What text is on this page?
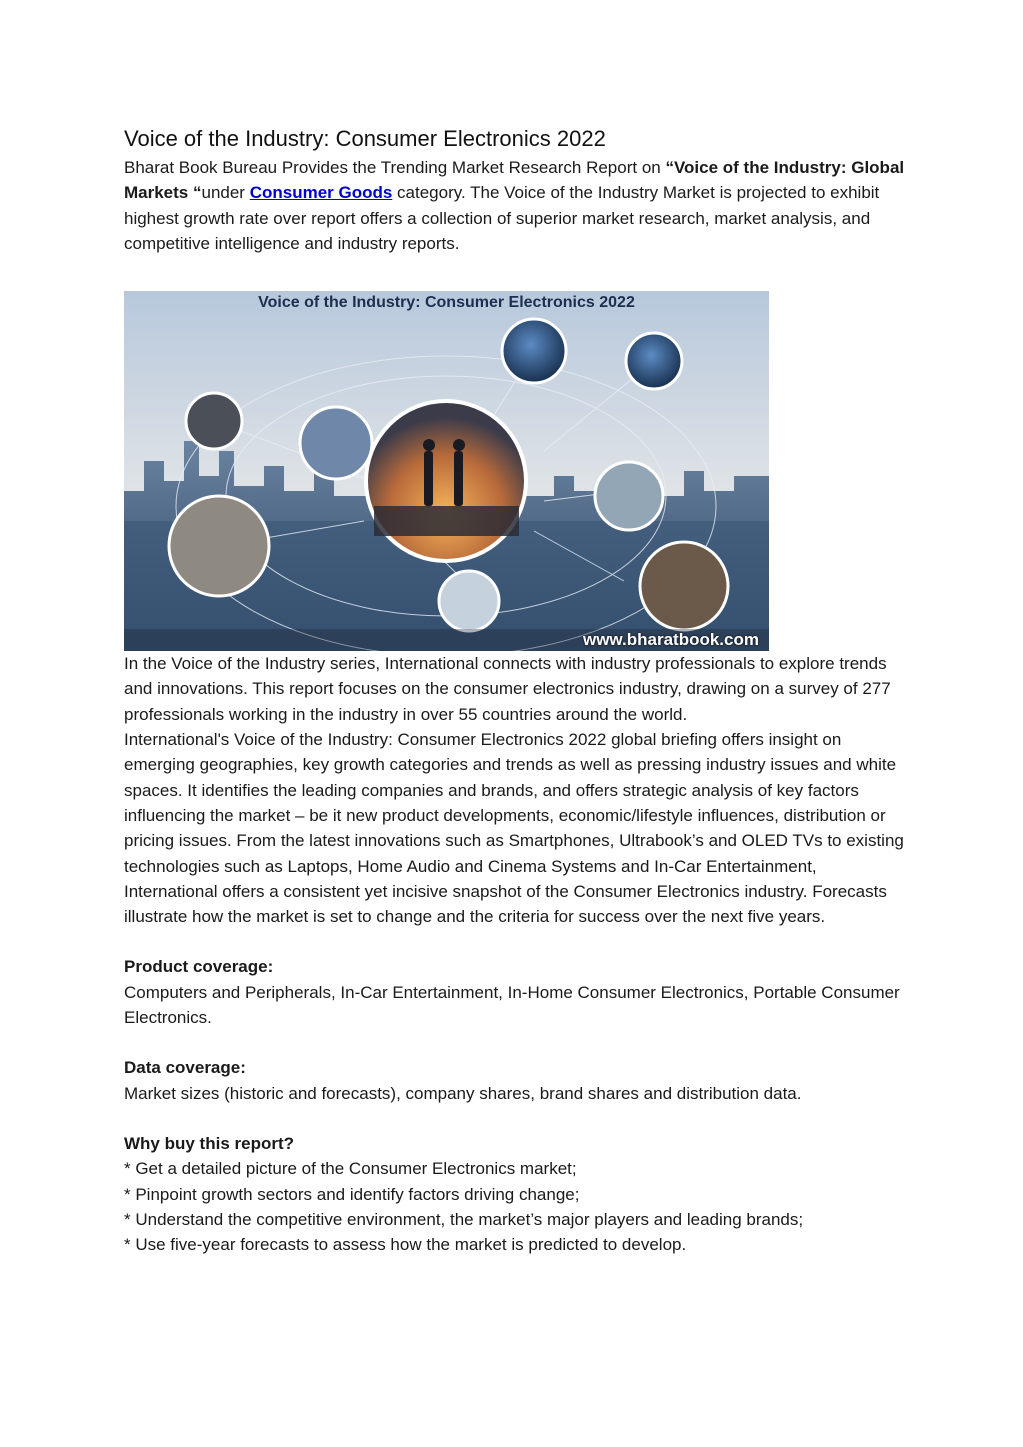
Voice of the Industry: Consumer Electronics 2022

Bharat Book Bureau Provides the Trending Market Research Report on “Voice of the Industry: Global Markets “under Consumer Goods category. The Voice of the Industry Market is projected to exhibit highest growth rate over report offers a collection of superior market research, market analysis, and competitive intelligence and industry reports.

Voice of the Industry: Consumer Electronics 2022
www.bharatbook.com

In the Voice of the Industry series, International connects with industry professionals to explore trends and innovations. This report focuses on the consumer electronics industry, drawing on a survey of 277 professionals working in the industry in over 55 countries around the world.

International's Voice of the Industry: Consumer Electronics 2022 global briefing offers insight on emerging geographies, key growth categories and trends as well as pressing industry issues and white spaces. It identifies the leading companies and brands, and offers strategic analysis of key factors influencing the market – be it new product developments, economic/lifestyle influences, distribution or pricing issues. From the latest innovations such as Smartphones, Ultrabook’s and OLED TVs to existing technologies such as Laptops, Home Audio and Cinema Systems and In-Car Entertainment, International offers a consistent yet incisive snapshot of the Consumer Electronics industry. Forecasts illustrate how the market is set to change and the criteria for success over the next five years.

Product coverage:

Computers and Peripherals, In-Car Entertainment, In-Home Consumer Electronics, Portable Consumer Electronics.

Data coverage:

Market sizes (historic and forecasts), company shares, brand shares and distribution data.

Why buy this report?

* Get a detailed picture of the Consumer Electronics market;

* Pinpoint growth sectors and identify factors driving change;

* Understand the competitive environment, the market’s major players and leading brands;

* Use five-year forecasts to assess how the market is predicted to develop.
